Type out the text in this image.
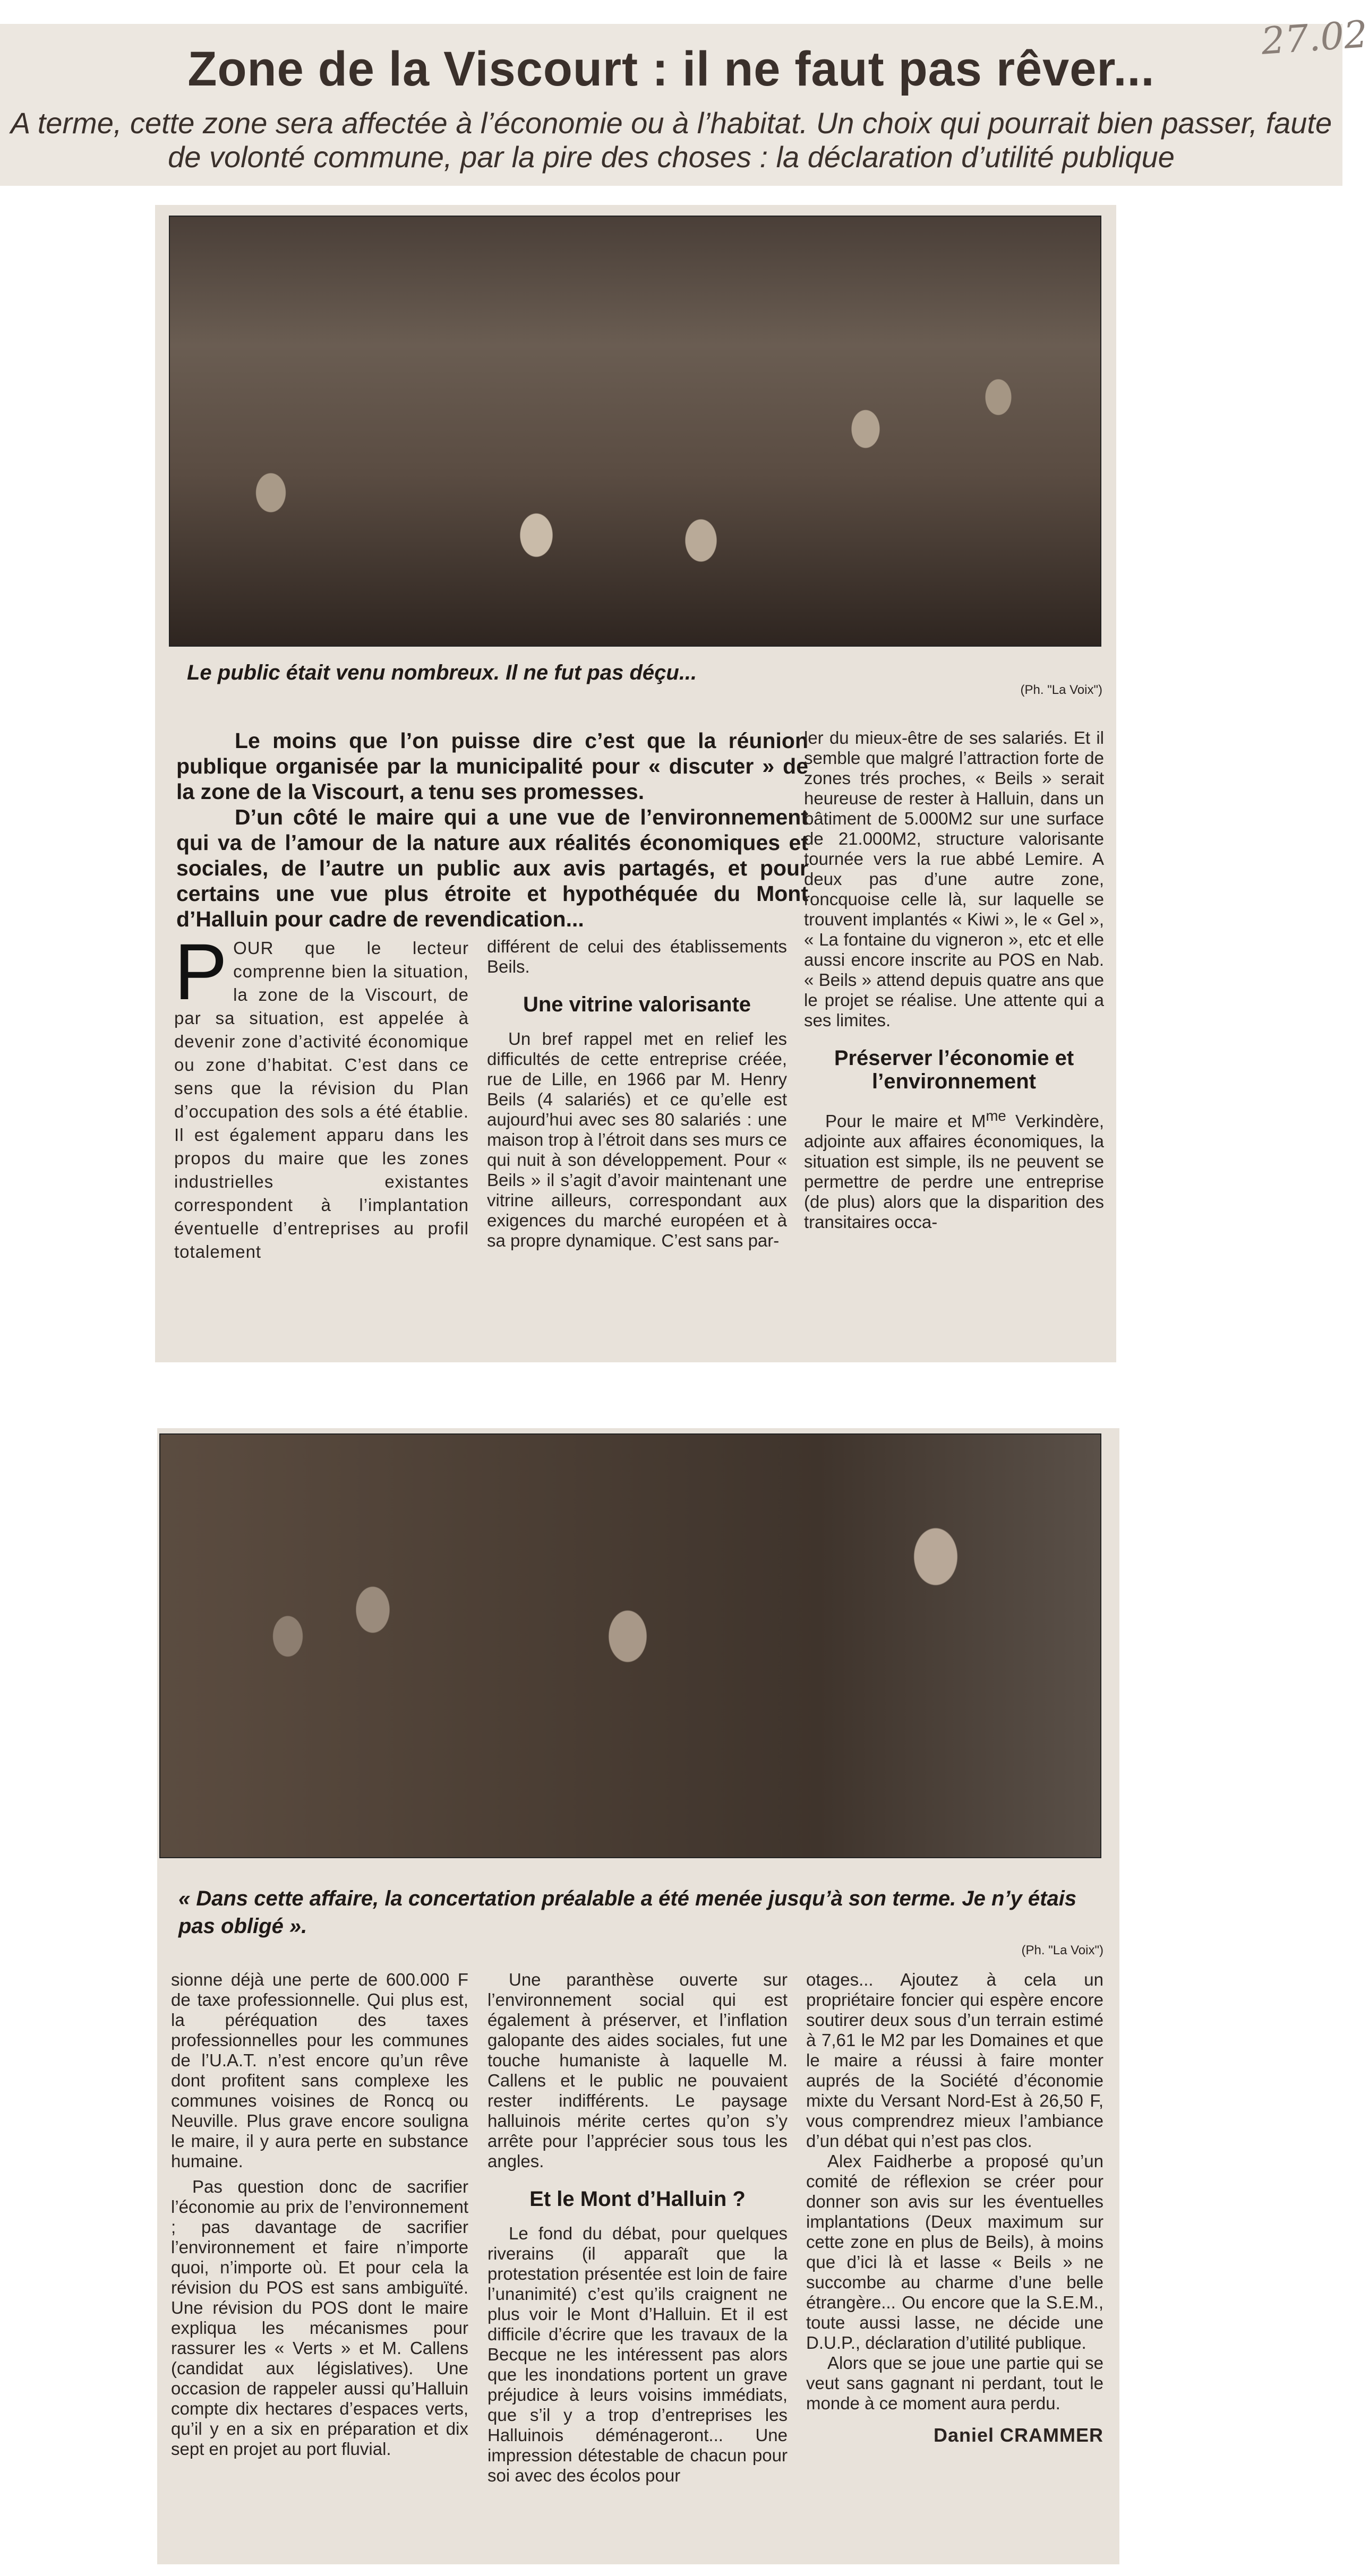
Zone de la Viscourt : il ne faut pas rêver...

A terme, cette zone sera affectée à l’économie ou à l’habitat. Un choix qui pourrait bien passer, faute de volonté commune, par la pire des choses : la déclaration d’utilité publique

27.02

Le public était venu nombreux. Il ne fut pas déçu...

(Ph. "La Voix")

Le moins que l’on puisse dire c’est que la réunion publique organisée par la municipalité pour « discuter » de la zone de la Viscourt, a tenu ses promesses.

D’un côté le maire qui a une vue de l’environnement qui va de l’amour de la nature aux réalités économiques et sociales, de l’autre un public aux avis partagés, et pour certains une vue plus étroite et hypothéquée du Mont d’Halluin pour cadre de revendication...

POUR que le lecteur comprenne bien la situation, la zone de la Viscourt, de par sa situation, est appelée à devenir zone d’activité économique ou zone d’habitat. C’est dans ce sens que la révision du Plan d’occupation des sols a été établie. Il est également apparu dans les propos du maire que les zones industrielles existantes correspondent à l’implantation éventuelle d’entreprises au profil totalement

différent de celui des établissements Beils.

Une vitrine valorisante

Un bref rappel met en relief les difficultés de cette entreprise créée, rue de Lille, en 1966 par M. Henry Beils (4 salariés) et ce qu’elle est aujourd’hui avec ses 80 salariés : une maison trop à l’étroit dans ses murs ce qui nuit à son développement. Pour « Beils » il s’agit d’avoir maintenant une vitrine ailleurs, correspondant aux exigences du marché européen et à sa propre dynamique. C’est sans par-

ler du mieux-être de ses salariés. Et il semble que malgré l’attraction forte de zones trés proches, « Beils » serait heureuse de rester à Halluin, dans un bâtiment de 5.000M2 sur une surface de 21.000M2, structure valorisante tournée vers la rue abbé Lemire. A deux pas d’une autre zone, roncquoise celle là, sur laquelle se trouvent implantés « Kiwi », le « Gel », « La fontaine du vigneron », etc et elle aussi encore inscrite au POS en Nab. « Beils » attend depuis quatre ans que le projet se réalise. Une attente qui a ses limites.

Préserver l’économie et l’environnement

Pour le maire et $M^{me}$ Verkindère, adjointe aux affaires économiques, la situation est simple, ils ne peuvent se permettre de perdre une entreprise (de plus) alors que la disparition des transitaires occa-

« Dans cette affaire, la concertation préalable a été menée jusqu’à son terme. Je n’y étais pas obligé ».

(Ph. "La Voix")

sionne déjà une perte de 600.000 F de taxe professionnelle. Qui plus est, la péréquation des taxes professionnelles pour les communes de l’U.A.T. n’est encore qu’un rêve dont profitent sans complexe les communes voisines de Roncq ou Neuville. Plus grave encore souligna le maire, il y aura perte en substance humaine.

Pas question donc de sacrifier l’économie au prix de l’environnement ; pas davantage de sacrifier l’environnement et faire n’importe quoi, n’importe où. Et pour cela la révision du POS est sans ambiguïté. Une révision du POS dont le maire expliqua les mécanismes pour rassurer les « Verts » et M. Callens (candidat aux législatives). Une occasion de rappeler aussi qu’Halluin compte dix hectares d’espaces verts, qu’il y en a six en préparation et dix sept en projet au port fluvial.

Une paranthèse ouverte sur l’environnement social qui est également à préserver, et l’inflation galopante des aides sociales, fut une touche humaniste à laquelle M. Callens et le public ne pouvaient rester indifférents. Le paysage halluinois mérite certes qu’on s’y arrête pour l’apprécier sous tous les angles.

Et le Mont d’Halluin ?

Le fond du débat, pour quelques riverains (il apparaît que la protestation présentée est loin de faire l’unanimité) c’est qu’ils craignent ne plus voir le Mont d’Halluin. Et il est difficile d’écrire que les travaux de la Becque ne les intéressent pas alors que les inondations portent un grave préjudice à leurs voisins immédiats, que s’il y a trop d’entreprises les Halluinois déménageront... Une impression détestable de chacun pour soi avec des écolos pour

otages... Ajoutez à cela un propriétaire foncier qui espère encore soutirer deux sous d’un terrain estimé à 7,61 le M2 par les Domaines et que le maire a réussi à faire monter auprés de la Société d’économie mixte du Versant Nord-Est à 26,50 F, vous comprendrez mieux l’ambiance d’un débat qui n’est pas clos.

Alex Faidherbe a proposé qu’un comité de réflexion se créer pour donner son avis sur les éventuelles implantations (Deux maximum sur cette zone en plus de Beils), à moins que d’ici là et lasse « Beils » ne succombe au charme d’une belle étrangère... Ou encore que la S.E.M., toute aussi lasse, ne décide une D.U.P., déclaration d’utilité publique.

Alors que se joue une partie qui se veut sans gagnant ni perdant, tout le monde à ce moment aura perdu.

Daniel CRAMMER
